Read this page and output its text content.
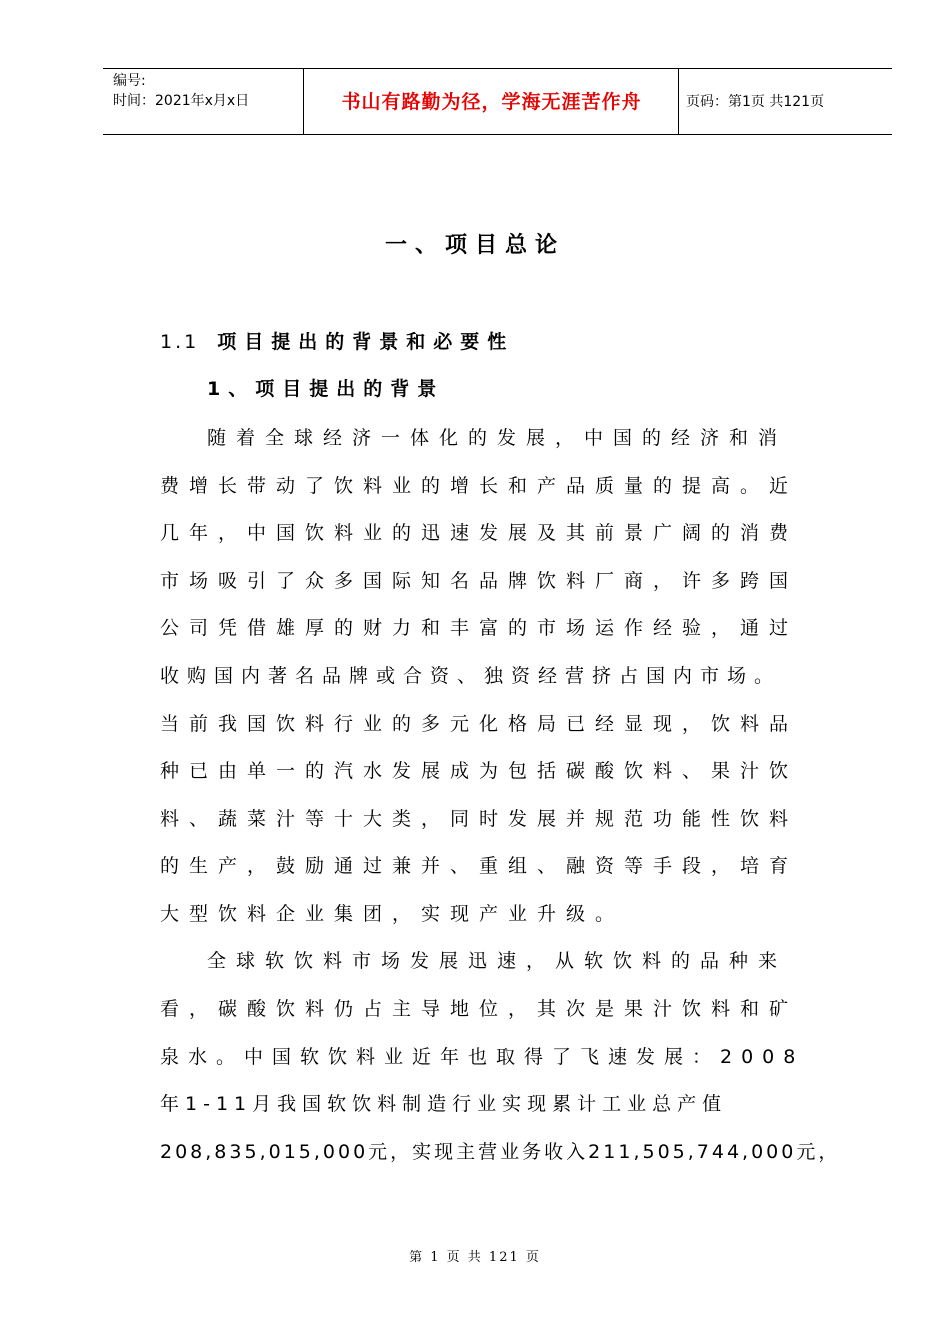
编号:
时间：2021年x月x日	书山有路勤为径，学海无涯苦作舟	页码：第1页 共121页
一、项目总论
1.1 项目提出的背景和必要性
1、项目提出的背景
随着全球经济一体化的发展，中国的经济和消
费增长带动了饮料业的增长和产品质量的提高。近
几年，中国饮料业的迅速发展及其前景广阔的消费
市场吸引了众多国际知名品牌饮料厂商，许多跨国
公司凭借雄厚的财力和丰富的市场运作经验，通过
收购国内著名品牌或合资、独资经营挤占国内市场。
当前我国饮料行业的多元化格局已经显现，饮料品
种已由单一的汽水发展成为包括碳酸饮料、果汁饮
料、蔬菜汁等十大类，同时发展并规范功能性饮料
的生产，鼓励通过兼并、重组、融资等手段，培育
大型饮料企业集团，实现产业升级。
全球软饮料市场发展迅速，从软饮料的品种来
看，碳酸饮料仍占主导地位，其次是果汁饮料和矿
泉水。中国软饮料业近年也取得了飞速发展：2008
年1-11月我国软饮料制造行业实现累计工业总产值
208,835,015,000元，实现主营业务收入211,505,744,000元，
第 1 页 共 121 页
